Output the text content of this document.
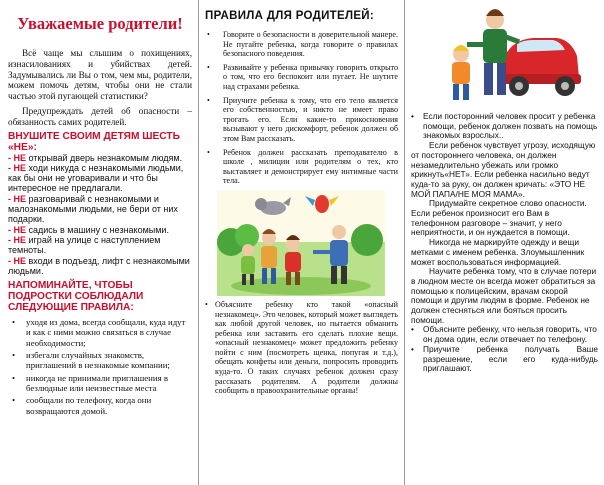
Уважаемые родители!

Всё чаще мы слышим о похищениях, изнасилованиях и убийствах детей. Задумывались ли Вы о том, чем мы, родители, можем помочь детям, чтобы они не стали частью этой пугающей статистики?

Предупреждать детей об опасности – обязанность самих родителей.

ВНУШИТЕ СВОИМ ДЕТЯМ ШЕСТЬ «НЕ»:
- НЕ открывай дверь незнакомым людям.
- НЕ ходи никуда с незнакомыми людьми, как бы они не уговаривали и что бы интересное не предлагали.
- НЕ разговаривай с незнакомыми и малознакомыми людьми, не бери от них подарки.
- НЕ садись в машину с незнакомыми.
- НЕ играй на улице с наступлением темноты.
- НЕ входи в подъезд, лифт с незнакомыми людьми.
НАПОМИНАЙТЕ, ЧТОБЫ ПОДРОСТКИ СОБЛЮДАЛИ СЛЕДУЮЩИЕ ПРАВИЛА:
• уходя из дома, всегда сообщали, куда идут и как с ними можно связаться в случае необходимости;
• избегали случайных знакомств, приглашений в незнакомые компании;
• никогда не принимали приглашения в безлюдные или неизвестные места
• сообщали по телефону, когда они возвращаются домой.
ПРАВИЛА ДЛЯ РОДИТЕЛЕЙ:
• Говорите о безопасности в доверительной манере. Не пугайте ребенка, когда говорите о правилах безопасного поведения.
• Развивайте у ребенка привычку говорить открыто о том, что его беспокоит или пугает. Не шутите над страхами ребенка.
• Приучите ребенка к тому, что его тело является его собственностью, и никто не имеет право трогать его. Если какие-то прикосновения вызывают у него дискомфорт, ребенок должен об этом Вам рассказать.
• Ребенок должен рассказать преподавателю в школе , милиции или родителям о тех, кто выставляет и демонстрирует ему интимные части тела.
• Объясните ребенку кто такой «опасный незнакомец». Это человек, который может выглядеть как любой другой человек, но пытается обманить ребенка или заставить его сделать плохие вещи. «опасный незнакомец» может предложить ребенку пойти с ним (посмотреть щенка, попугая и т.д.), обещать конфеты или деньги, попросить проводить куда-то. О таких случаях ребенок должен сразу рассказать родителям. А родители должны сообщить в правоохранительные органы!
• Если посторонний человек просит у ребенка помощи, ребенок должен позвать на помощь знакомых взрослых..
Если ребенок чувствует угрозу, исходящую от постороннего человека, он должен незамедлительно убежать или громко крикнуть«НЕТ». Если ребенка насильно ведут куда-то за руку, он должен кричать: «ЭТО НЕ МОЙ ПАПА/НЕ МОЯ МАМА».
Придумайте секретное слово опасности. Если ребенок произносит его Вам в телефонном разговоре – значит, у него неприятности, и он нуждается в помощи.
Никогда не маркируйте одежду и вещи метками с именем ребенка. Злоумышленник может воспользоваться информацией.
Научите ребенка тому, что в случае потери в людном месте он всегда может обратиться за помощью к полицейским, врачам скорой помощи и другим людям в форме. Ребенок не должен стесняться или бояться просить помощи.
• Объясните ребенку, что нельзя говорить, что он дома один, если отвечает по телефону.
• Приучите ребенка получать Ваше разрешение, если его куда-нибудь приглашают.
